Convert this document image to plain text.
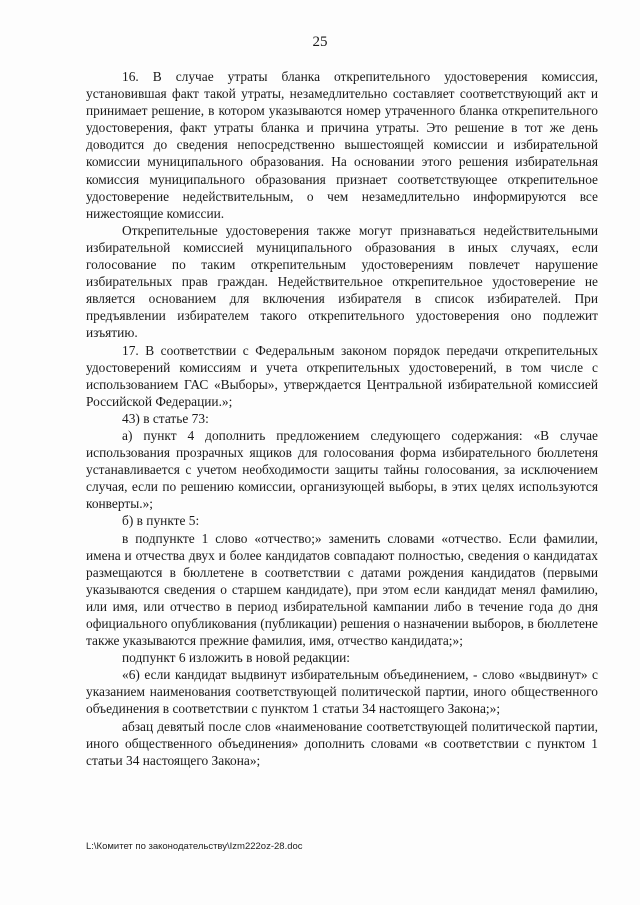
25

16. В случае утраты бланка открепительного удостоверения комиссия, установившая факт такой утраты, незамедлительно составляет соответствующий акт и принимает решение, в котором указываются номер утраченного бланка открепительного удостоверения, факт утраты бланка и причина утраты. Это решение в тот же день доводится до сведения непосредственно вышестоящей комиссии и избирательной комиссии муниципального образования. На основании этого решения избирательная комиссия муниципального образования признает соответствующее открепительное удостоверение недействительным, о чем незамедлительно информируются все нижестоящие комиссии.

Открепительные удостоверения также могут признаваться недействительными избирательной комиссией муниципального образования в иных случаях, если голосование по таким открепительным удостоверениям повлечет нарушение избирательных прав граждан. Недействительное открепительное удостоверение не является основанием для включения избирателя в список избирателей. При предъявлении избирателем такого открепительного удостоверения оно подлежит изъятию.

17. В соответствии с Федеральным законом порядок передачи открепительных удостоверений комиссиям и учета открепительных удостоверений, в том числе с использованием ГАС «Выборы», утверждается Центральной избирательной комиссией Российской Федерации.»;

43) в статье 73:

а) пункт 4 дополнить предложением следующего содержания: «В случае использования прозрачных ящиков для голосования форма избирательного бюллетеня устанавливается с учетом необходимости защиты тайны голосования, за исключением случая, если по решению комиссии, организующей выборы, в этих целях используются конверты.»;

б) в пункте 5:

в подпункте 1 слово «отчество;» заменить словами «отчество. Если фамилии, имена и отчества двух и более кандидатов совпадают полностью, сведения о кандидатах размещаются в бюллетене в соответствии с датами рождения кандидатов (первыми указываются сведения о старшем кандидате), при этом если кандидат менял фамилию, или имя, или отчество в период избирательной кампании либо в течение года до дня официального опубликования (публикации) решения о назначении выборов, в бюллетене также указываются прежние фамилия, имя, отчество кандидата;»;

подпункт 6 изложить в новой редакции:

«6) если кандидат выдвинут избирательным объединением, - слово «выдвинут» с указанием наименования соответствующей политической партии, иного общественного объединения в соответствии с пунктом 1 статьи 34 настоящего Закона;»;

абзац девятый после слов «наименование соответствующей политической партии, иного общественного объединения» дополнить словами «в соответствии с пунктом 1 статьи 34 настоящего Закона»;

L:\Комитет по законодательству\Izm222oz-28.doc
